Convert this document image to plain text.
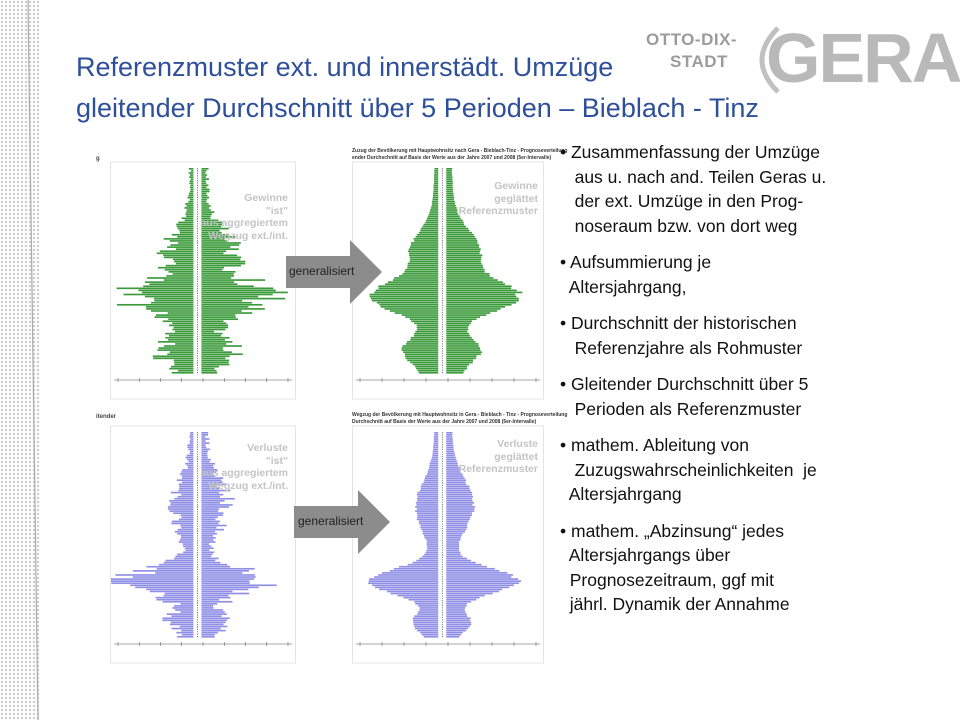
Referenzmuster ext. und innerstädt. Umzüge
gleitender Durchschnitt über 5 Perioden – Bieblach - Tinz
OTTO-DIX-
STADT GERA
g
Gewinne
"ist"
aus aggregiertem
Wegzug ext./int.
Zuzug der Bevölkerung mit Hauptwohnsitz nach Gera - Bieblach-Tinz - Prognoseverteilung
ender Durchschnitt auf Basis der Werte aus der Jahre 2007 und 2008 (5er-Intervalle)
Gewinne
geglättet
Referenzmuster
itender
Verluste
"ist"
aus aggregiertem
Wegzug ext./int.
Wegzug der Bevölkerung mit Hauptwohnsitz in Gera - Bieblach - Tinz - Prognoseverteilung
Durchschnitt auf Basis der Werte aus der Jahre 2007 und 2008 (5er-Intervalle)
Verluste
geglättet
Referenzmuster
generalisiert
generalisiert
• Zusammenfassung der Umzüge
aus u. nach and. Teilen Geras u.
der ext. Umzüge in den Prog-
noseraum bzw. von dort weg
• Aufsummierung je
Altersjahrgang,
• Durchschnitt der historischen
Referenzjahre als Rohmuster
• Gleitender Durchschnitt über 5
Perioden als Referenzmuster
• mathem. Ableitung von
Zuzugswahrscheinlichkeiten  je
Altersjahrgang
• mathem. „Abzinsung“ jedes
Altersjahrgangs über
Prognosezeitraum, ggf mit
jährl. Dynamik der Annahme
